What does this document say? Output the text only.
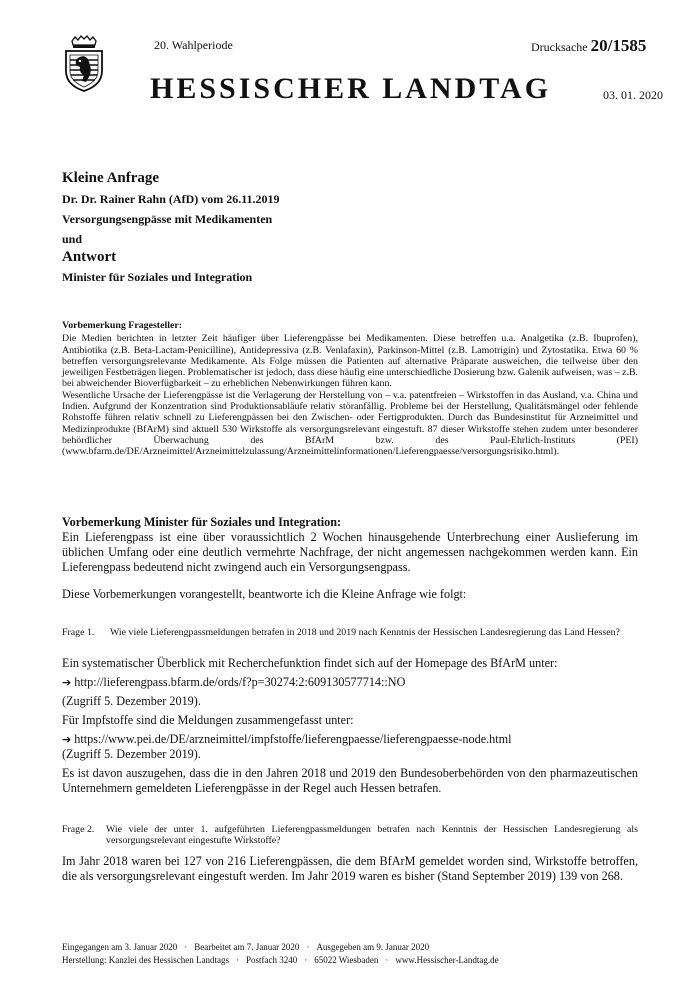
20. Wahlperiode	Drucksache 20/1585
HESSISCHER LANDTAG	03. 01. 2020
Kleine Anfrage
Dr. Dr. Rainer Rahn (AfD) vom 26.11.2019
Versorgungsengpässe mit Medikamenten
und
Antwort
Minister für Soziales und Integration
Vorbemerkung Fragesteller:

Die Medien berichten in letzter Zeit häufiger über Lieferengpässe bei Medikamenten. Diese betreffen u.a. Analgetika (z.B. Ibuprofen), Antibiotika (z.B. Beta-Lactam-Penicilline), Antidepressiva (z.B. Venlafaxin), Parkinson-Mittel (z.B. Lamotrigin) und Zytostatika. Etwa 60 % betreffen versorgungsrelevante Medikamente. Als Folge müssen die Patienten auf alternative Präparate ausweichen, die teilweise über den jeweiligen Festbeträgen liegen. Problematischer ist jedoch, dass diese häufig eine unterschiedliche Dosierung bzw. Galenik aufweisen, was – z.B. bei abweichender Bioverfügbarkeit – zu erheblichen Nebenwirkungen führen kann.

Wesentliche Ursache der Lieferengpässe ist die Verlagerung der Herstellung von – v.a. patentfreien – Wirkstoffen in das Ausland, v.a. China und Indien. Aufgrund der Konzentration sind Produktionsabläufe relativ störanfällig. Probleme bei der Herstellung, Qualitätsmängel oder fehlende Rohstoffe führen relativ schnell zu Lieferengpässen bei den Zwischen- oder Fertigprodukten. Durch das Bundesinstitut für Arzneimittel und Medizinprodukte (BfArM) sind aktuell 530 Wirkstoffe als versorgungsrelevant eingestuft. 87 dieser Wirkstoffe stehen zudem unter besonderer behördlicher Überwachung des BfArM bzw. des Paul-Ehrlich-Instituts (PEI) (www.bfarm.de/DE/Arzneimittel/Arzneimittelzulassung/Arzneimittelinformationen/Lieferengpaesse/versorgungsrisiko.html).

Vorbemerkung Minister für Soziales und Integration:

Ein Lieferengpass ist eine über voraussichtlich 2 Wochen hinausgehende Unterbrechung einer Auslieferung im üblichen Umfang oder eine deutlich vermehrte Nachfrage, der nicht angemessen nachgekommen werden kann. Ein Lieferengpass bedeutend nicht zwingend auch ein Versorgungsengpass.

Diese Vorbemerkungen vorangestellt, beantworte ich die Kleine Anfrage wie folgt:
Frage 1.	Wie viele Lieferengpassmeldungen betrafen in 2018 und 2019 nach Kenntnis der Hessischen Landesregierung das Land Hessen?

Ein systematischer Überblick mit Recherchefunktion findet sich auf der Homepage des BfArM unter:

➔ http://lieferengpass.bfarm.de/ords/f?p=30274:2:609130577714::NO

(Zugriff 5. Dezember 2019).

Für Impfstoffe sind die Meldungen zusammengefasst unter:

➔ https://www.pei.de/DE/arzneimittel/impfstoffe/lieferengpaesse/lieferengpaesse-node.html

(Zugriff 5. Dezember 2019).

Es ist davon auszugehen, dass die in den Jahren 2018 und 2019 den Bundesoberbehörden von den pharmazeutischen Unternehmern gemeldeten Lieferengpässe in der Regel auch Hessen betrafen.

Frage 2.	Wie viele der unter 1. aufgeführten Lieferengpassmeldungen betrafen nach Kenntnis der Hessischen Landesregierung als versorgungsrelevant eingestufte Wirkstoffe?

Im Jahr 2018 waren bei 127 von 216 Lieferengpässen, die dem BfArM gemeldet worden sind, Wirkstoffe betroffen, die als versorgungsrelevant eingestuft werden. Im Jahr 2019 waren es bisher (Stand September 2019) 139 von 268.

Eingegangen am 3. Januar 2020 · Bearbeitet am 7. Januar 2020 · Ausgegeben am 9. Januar 2020
Herstellung: Kanzlei des Hessischen Landtags · Postfach 3240 · 65022 Wiesbaden · www.Hessischer-Landtag.de
